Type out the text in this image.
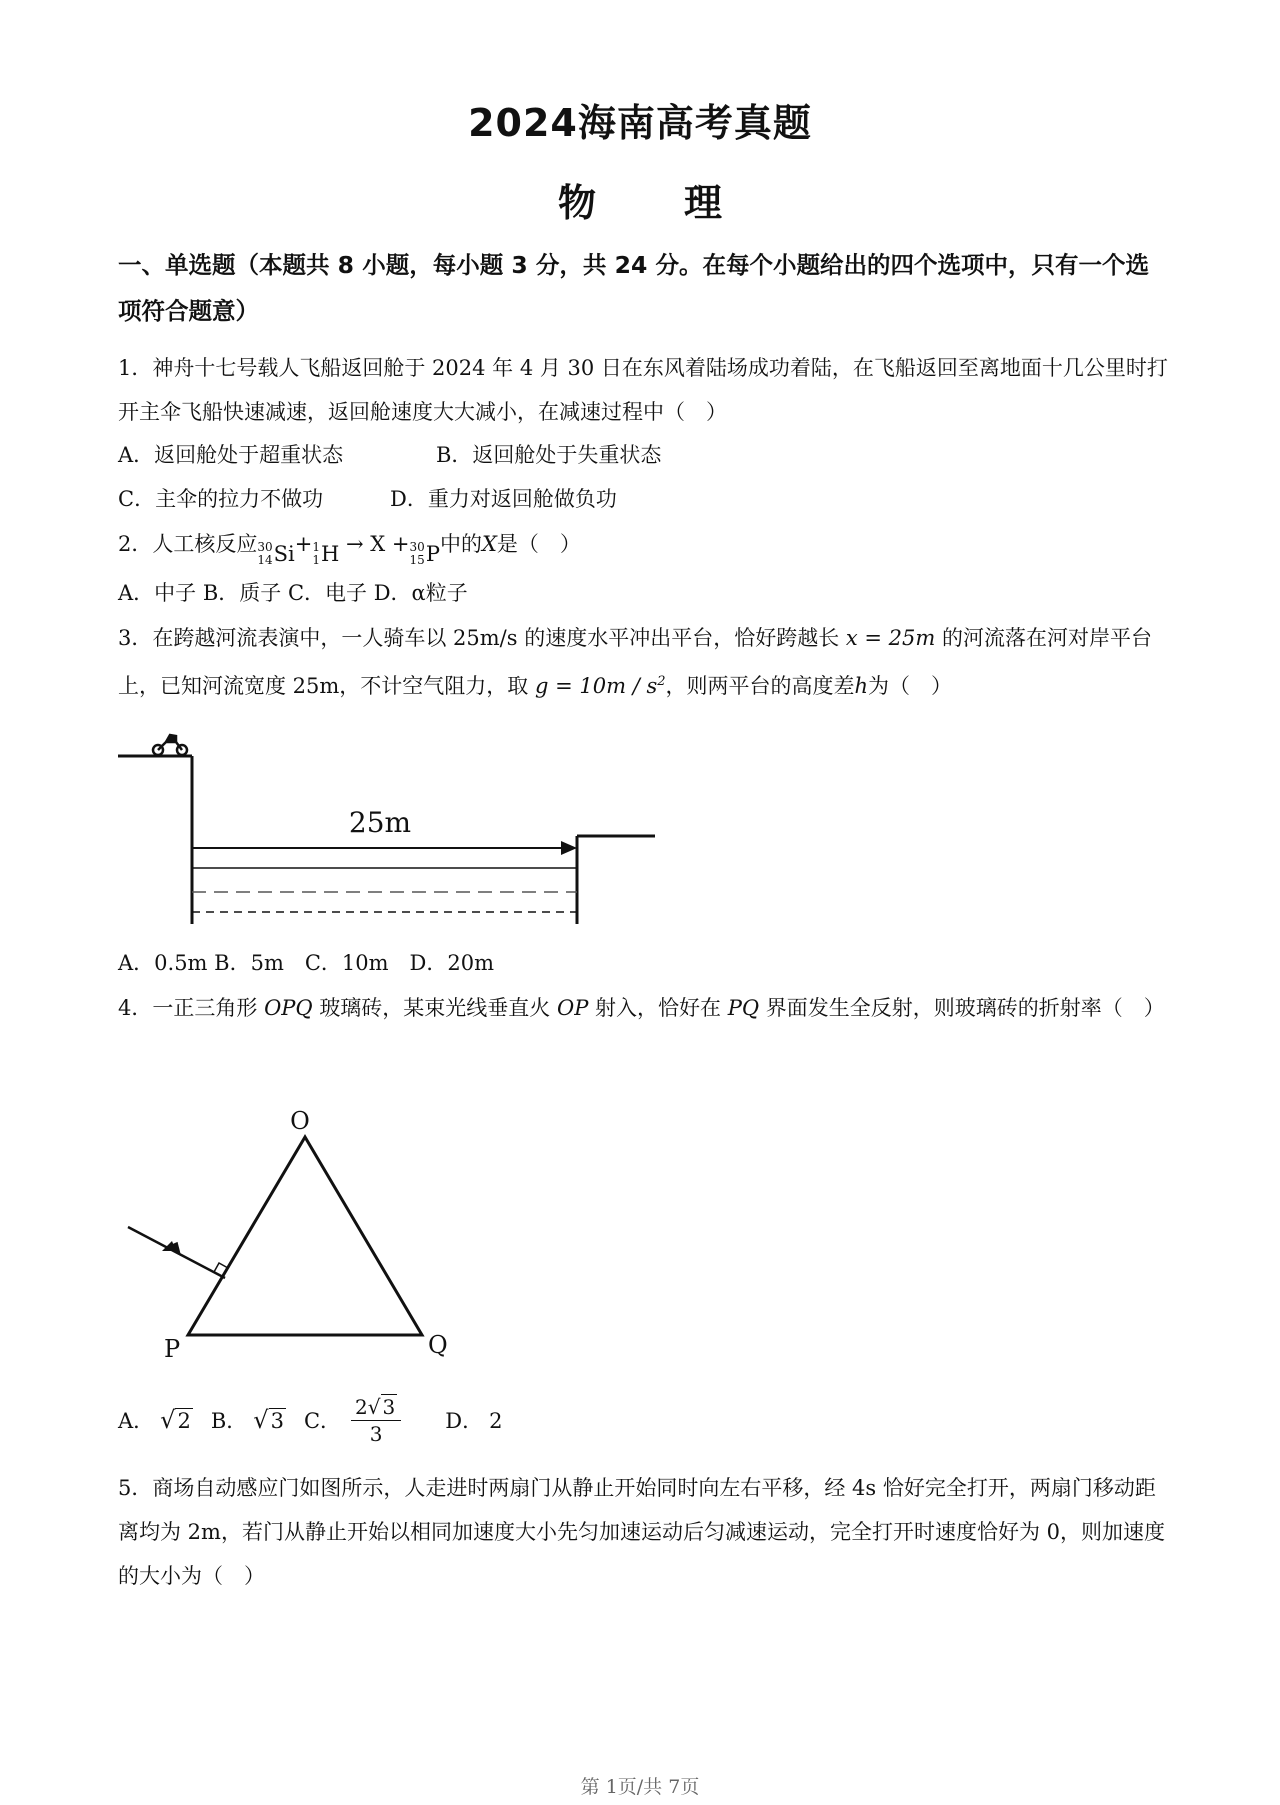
2024海南高考真题
物 理
一、单选题（本题共 8 小题，每小题 3 分，共 24 分。在每个小题给出的四个选项中，只有一个选项符合题意）
1．神舟十七号载人飞船返回舱于 2024 年 4 月 30 日在东风着陆场成功着陆，在飞船返回至离地面十几公里时打开主伞飞船快速减速，返回舱速度大大减小，在减速过程中（　）
A．返回舱处于超重状态	B．返回舱处于失重状态
C．主伞的拉力不做功	D．重力对返回舱做负功
2．人工核反应 30
14 Si + 1
1 H → X + 30
15 P 中的X是（　）
A．中子 B．质子 C．电子 D．α粒子
3．在跨越河流表演中，一人骑车以 25m/s 的速度水平冲出平台，恰好跨越长 x = 25m 的河流落在河对岸平台上，已知河流宽度 25m，不计空气阻力，取 $g = 10m / s^2$，则两平台的高度差h为（　）
25m
A．0.5m B．5m　C．10m　D．20m
4．一正三角形 OPQ 玻璃砖，某束光线垂直火 OP 射入，恰好在 PQ 界面发生全反射，则玻璃砖的折射率（　）
O
P	Q
A． √2 B． √3 C． $\frac{2√ 3}{3}$ D． 2
5．商场自动感应门如图所示，人走进时两扇门从静止开始同时向左右平移，经 4s 恰好完全打开，两扇门移动距离均为 2m，若门从静止开始以相同加速度大小先匀加速运动后匀减速运动，完全打开时速度恰好为 0，则加速度的大小为（　）
第 1页/共 7页
